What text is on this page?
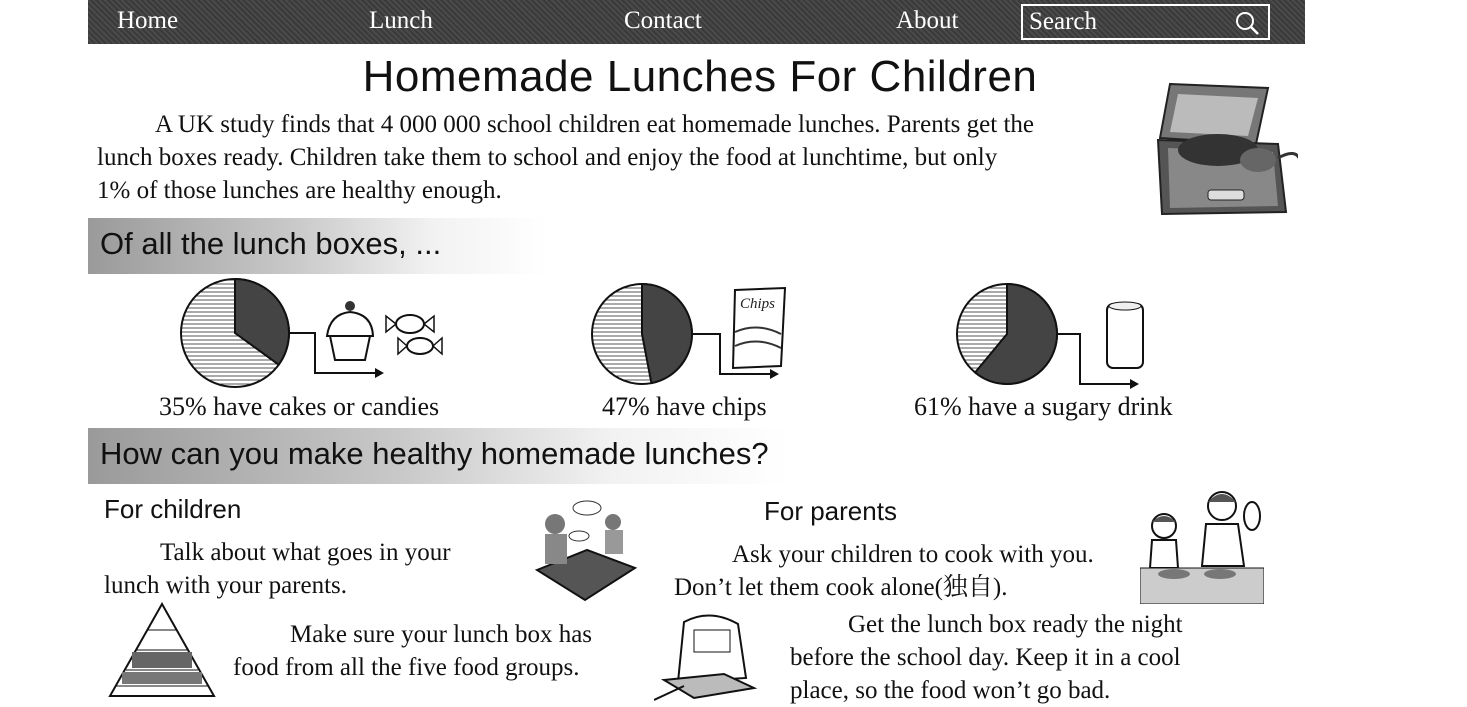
Home	Lunch	Contact	About
Search
Homemade Lunches For Children
A UK study finds that 4 000 000 school children eat homemade lunches. Parents get the
lunch boxes ready. Children take them to school and enjoy the food at lunchtime, but only
1% of those lunches are healthy enough.
Of all the lunch boxes, ...
Chips
35% have cakes or candies	47% have chips	61% have a sugary drink
How can you make healthy homemade lunches?
For children
Talk about what goes in your
lunch with your parents.
Make sure your lunch box has
food from all the five food groups.
For parents
Ask your children to cook with you.
Don’t let them cook alone(独自).
Get the lunch box ready the night
before the school day. Keep it in a cool
place, so the food won’t go bad.
